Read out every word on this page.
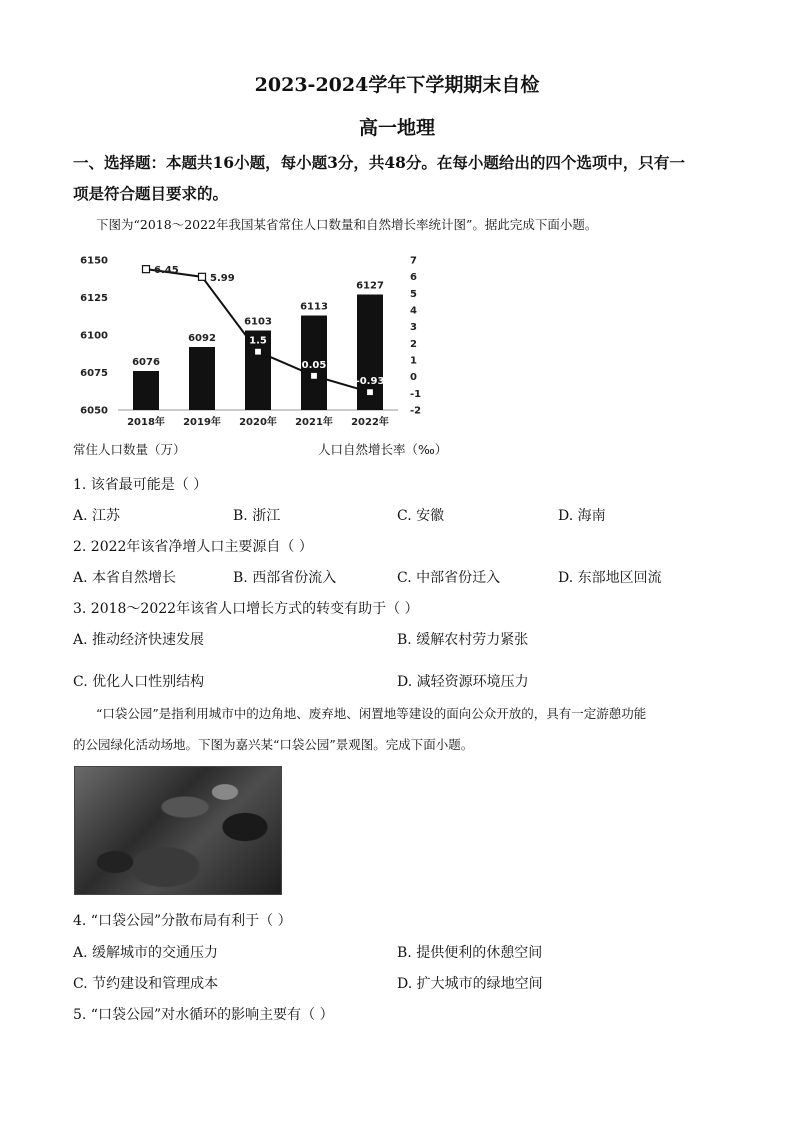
2023-2024学年下学期期末自检
高一地理
一、选择题：本题共16小题，每小题3分，共48分。在每小题给出的四个选项中，只有一
项是符合题目要求的。
下图为“2018～2022年我国某省常住人口数量和自然增长率统计图”。据此完成下面小题。
6050
6075
6100
6125
6150
-2
-1
0
1
2
3
4
5
6
7
6076
6092
6103
6113
6127
2018年 2019年 2020年 2021年 2022年
6.45
5.99
1.5
0.05
-0.93
常住人口数量（万）	人口自然增长率（‰）
1. 该省最可能是（ ）
A. 江苏	B. 浙江	C. 安徽	D. 海南
2. 2022年该省净增人口主要源自（ ）
A. 本省自然增长	B. 西部省份流入	C. 中部省份迁入	D. 东部地区回流
3. 2018～2022年该省人口增长方式的转变有助于（ ）
A. 推动经济快速发展	B. 缓解农村劳力紧张
C. 优化人口性别结构	D. 减轻资源环境压力
“口袋公园”是指利用城市中的边角地、废弃地、闲置地等建设的面向公众开放的，具有一定游憩功能
的公园绿化活动场地。下图为嘉兴某“口袋公园”景观图。完成下面小题。
4. “口袋公园”分散布局有利于（ ）
A. 缓解城市的交通压力	B. 提供便利的休憩空间
C. 节约建设和管理成本	D. 扩大城市的绿地空间
5. “口袋公园”对水循环的影响主要有（ ）
